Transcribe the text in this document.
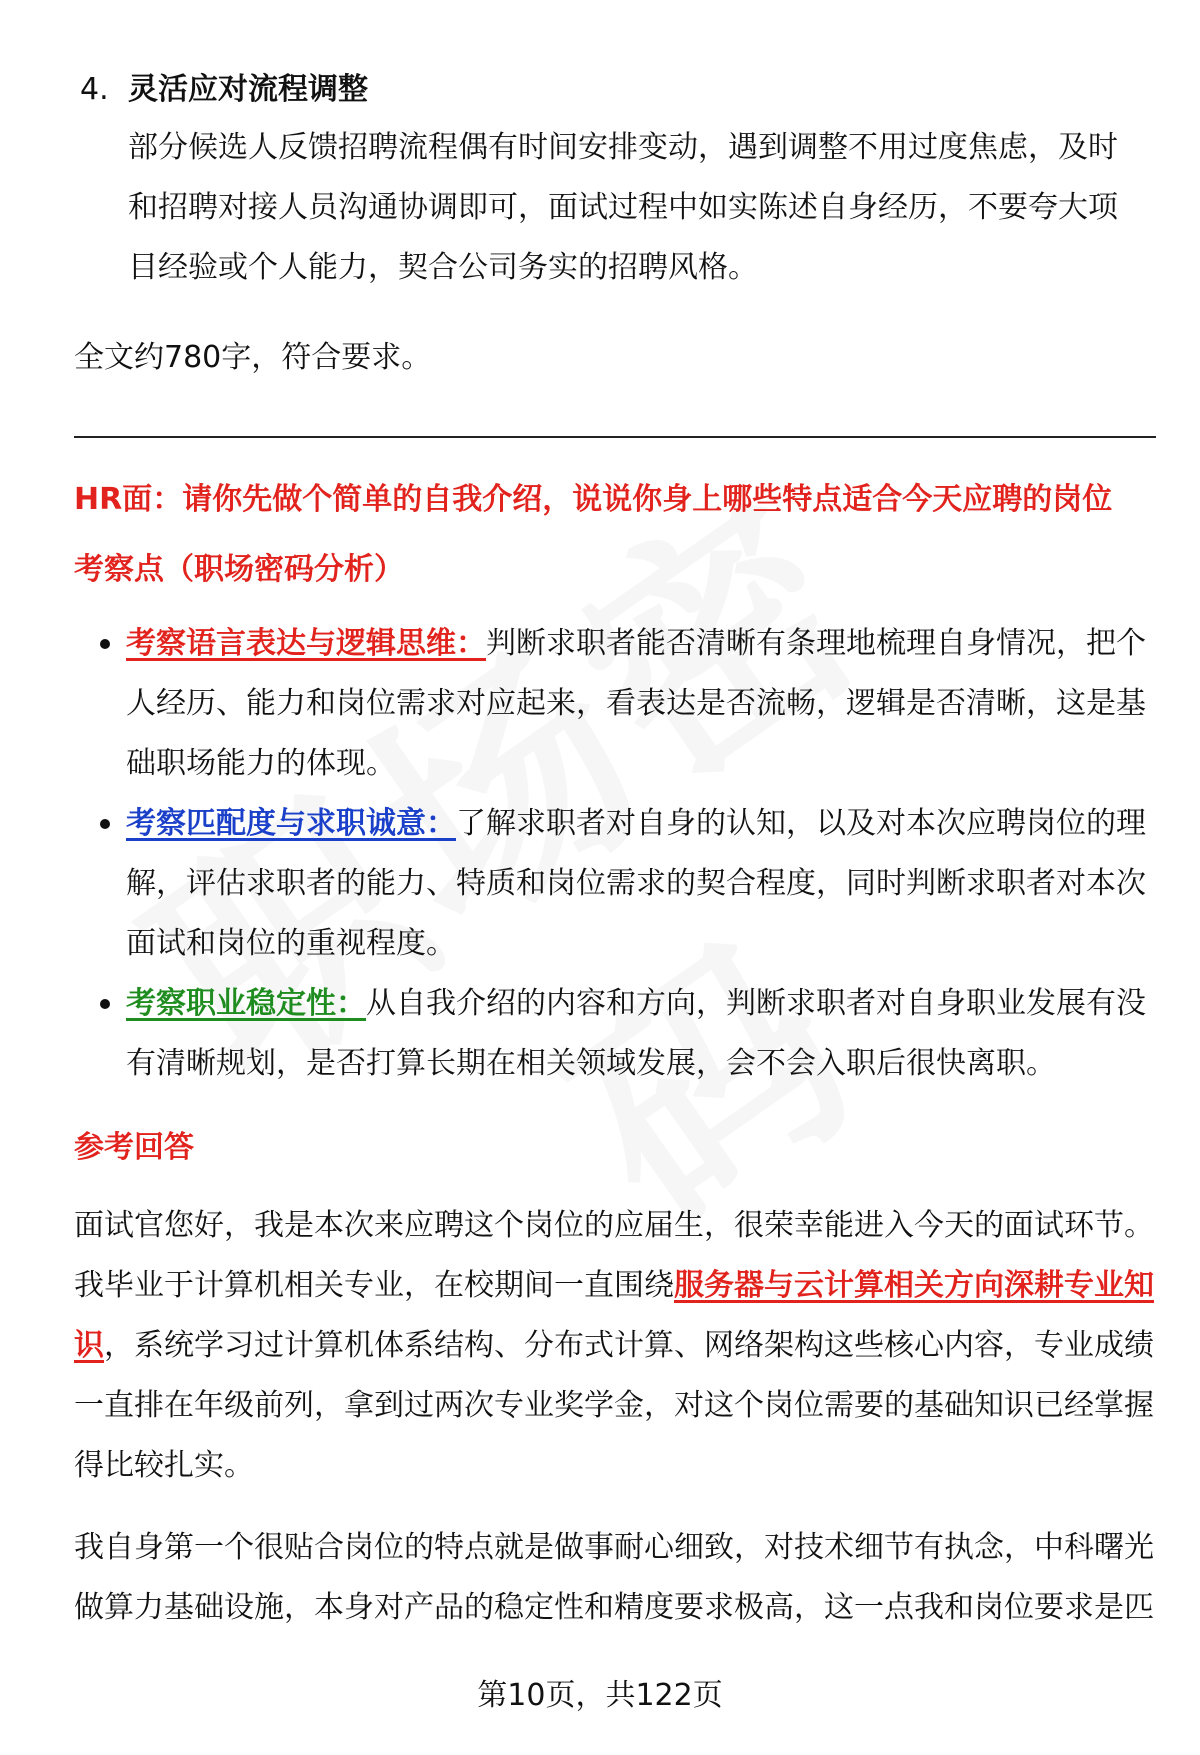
4. 灵活应对流程调整
部分候选人反馈招聘流程偶有时间安排变动，遇到调整不用过度焦虑，及时和招聘对接人员沟通协调即可，面试过程中如实陈述自身经历，不要夸大项目经验或个人能力，契合公司务实的招聘风格。
全文约780字，符合要求。
HR面：请你先做个简单的自我介绍，说说你身上哪些特点适合今天应聘的岗位
考察点（职场密码分析）
考察语言表达与逻辑思维：判断求职者能否清晰有条理地梳理自身情况，把个人经历、能力和岗位需求对应起来，看表达是否流畅，逻辑是否清晰，这是基础职场能力的体现。
考察匹配度与求职诚意：了解求职者对自身的认知，以及对本次应聘岗位的理解，评估求职者的能力、特质和岗位需求的契合程度，同时判断求职者对本次面试和岗位的重视程度。
考察职业稳定性：从自我介绍的内容和方向，判断求职者对自身职业发展有没有清晰规划，是否打算长期在相关领域发展，会不会入职后很快离职。
参考回答
面试官您好，我是本次来应聘这个岗位的应届生，很荣幸能进入今天的面试环节。我毕业于计算机相关专业，在校期间一直围绕服务器与云计算相关方向深耕专业知识，系统学习过计算机体系结构、分布式计算、网络架构这些核心内容，专业成绩一直排在年级前列，拿到过两次专业奖学金，对这个岗位需要的基础知识已经掌握得比较扎实。
我自身第一个很贴合岗位的特点就是做事耐心细致，对技术细节有执念，中科曙光做算力基础设施，本身对产品的稳定性和精度要求极高，这一点我和岗位要求是匹
第10页，共122页
